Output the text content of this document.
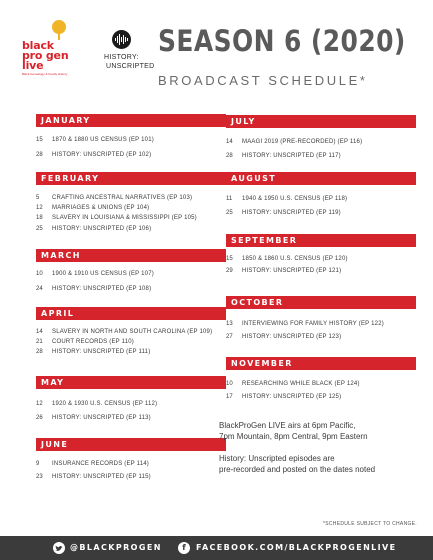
black
pro gen
live
Black Genealogy & Family History
HISTORY:
UNSCRIPTED
SEASON 6 (2020)
BROADCAST SCHEDULE*
JANUARY
15 1870 & 1880 US CENSUS (EP 101)
28 HISTORY: UNSCRIPTED (EP 102)
FEBRUARY
5 CRAFTING ANCESTRAL NARRATIVES (EP 103)
12 MARRIAGES & UNIONS (EP 104)
18 SLAVERY IN LOUISIANA & MISSISSIPPI (EP 105)
25 HISTORY: UNSCRIPTED (EP 106)
MARCH
10 1900 & 1910 US CENSUS (EP 107)
24 HISTORY: UNSCRIPTED (EP 108)
APRIL
14 SLAVERY IN NORTH AND SOUTH CAROLINA (EP 109)
21 COURT RECORDS (EP 110)
28 HISTORY: UNSCRIPTED (EP 111)
MAY
12 1920 & 1930 U.S. CENSUS (EP 112)
26 HISTORY: UNSCRIPTED (EP 113)
JUNE
9 INSURANCE RECORDS (EP 114)
23 HISTORY: UNSCRIPTED (EP 115)
JULY
14 MAAGI 2019 (PRE-RECORDED) (EP 116)
28 HISTORY: UNSCRIPTED (EP 117)
AUGUST
11 1940 & 1950 U.S. CENSUS (EP 118)
25 HISTORY: UNSCRIPTED (EP 119)
SEPTEMBER
15 1850 & 1860 U.S. CENSUS (EP 120)
29 HISTORY: UNSCRIPTED (EP 121)
OCTOBER
13 INTERVIEWING FOR FAMILY HISTORY (EP 122)
27 HISTORY: UNSCRIPTED (EP 123)
NOVEMBER
10 RESEARCHING WHILE BLACK (EP 124)
17 HISTORY: UNSCRIPTED (EP 125)
BlackProGen LIVE airs at 6pm Pacific,
7pm Mountain, 8pm Central, 9pm Eastern
History: Unscripted episodes are
pre-recorded and posted on the dates noted
*SCHEDULE SUBJECT TO CHANGE.
@BLACKPROGEN	f	FACEBOOK.COM/BLACKPROGENLIVE
